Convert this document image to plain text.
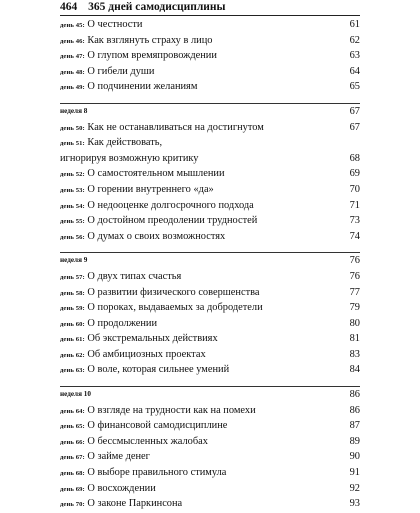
464 365 дней самодисциплины
день 45: О честности	61
день 46: Как взглянуть страху в лицо	62
день 47: О глупом времяпровождении	63
день 48: О гибели души	64
день 49: О подчинении желаниям	65
неделя 8	67
день 50: Как не останавливаться на достигнутом	67
день 51: Как действовать,
игнорируя возможную критику	68
день 52: О самостоятельном мышлении	69
день 53: О горении внутреннего «да»	70
день 54: О недооценке долгосрочного подхода	71
день 55: О достойном преодолении трудностей	73
день 56: О думах о своих возможностях	74
неделя 9	76
день 57: О двух типах счастья	76
день 58: О развитии физического совершенства	77
день 59: О пороках, выдаваемых за добродетели	79
день 60: О продолжении	80
день 61: Об экстремальных действиях	81
день 62: Об амбициозных проектах	83
день 63: О воле, которая сильнее умений	84
неделя 10	86
день 64: О взгляде на трудности как на помехи	86
день 65: О финансовой самодисциплине	87
день 66: О бессмысленных жалобах	89
день 67: О займе денег	90
день 68: О выборе правильного стимула	91
день 69: О восхождении	92
день 70: О законе Паркинсона	93
